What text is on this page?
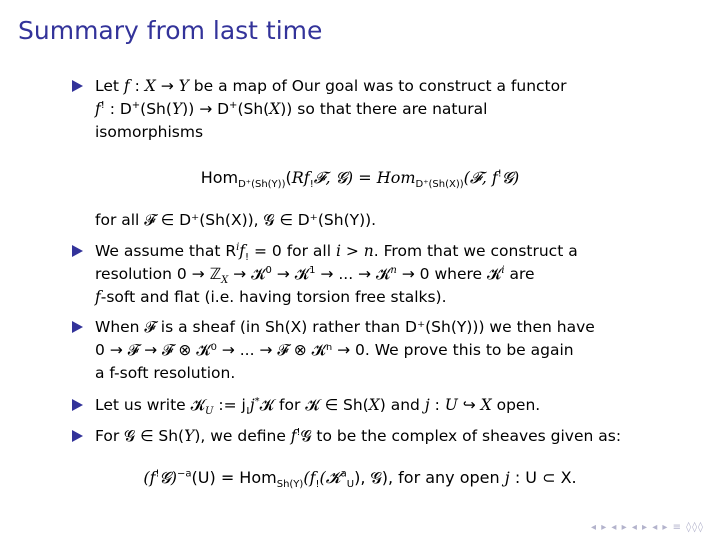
Summary from last time
Let f : X → Y be a map of Our goal was to construct a functor
f! : D+(Sh(Y)) → D+(Sh(X)) so that there are natural
isomorphisms
$Hom_{D^+(Sh(Y))}(Rf_!𝓕$, 𝓖) = Hom$_{D^+(Sh(X))}$(𝓕, f!𝓖)
for all 𝓕 ∈ D⁺(Sh(X)), 𝓖 ∈ D⁺(Sh(Y)).
We assume that $R^if_! = 0$ for all i > n. From that we construct a
resolution 0 → ℤ$_X$ → 𝓚$^0$ → 𝓚$^1$ → ... → 𝓚$^n$ → 0 where 𝓚$^i$ are
f-soft and flat (i.e. having torsion free stalks).
When 𝓕 is a sheaf (in Sh(X) rather than D⁺(Sh(Y))) we then have
0 → 𝓕 → 𝓕 ⊗ 𝓚⁰ → ... → 𝓕 ⊗ 𝓚ⁿ → 0. We prove this to be again
a f-soft resolution.
Let us write 𝓚$_U$ := $j_!j^*𝓚$ for 𝓚 ∈ Sh(X) and j : U ↪ X open.
For 𝓖 ∈ Sh(Y), we define f!𝓖 to be the complex of sheaves given as:
(f!𝓖)$^{-a}$(U) = $Hom_{Sh(Y)}(f_!(𝓚^a_U)$, 𝓖), for any open j : U ⊂ X.
◂ ▸ ◂ ▸ ◂ ▸ ◂ ▸ ≡ ◊◊◊
